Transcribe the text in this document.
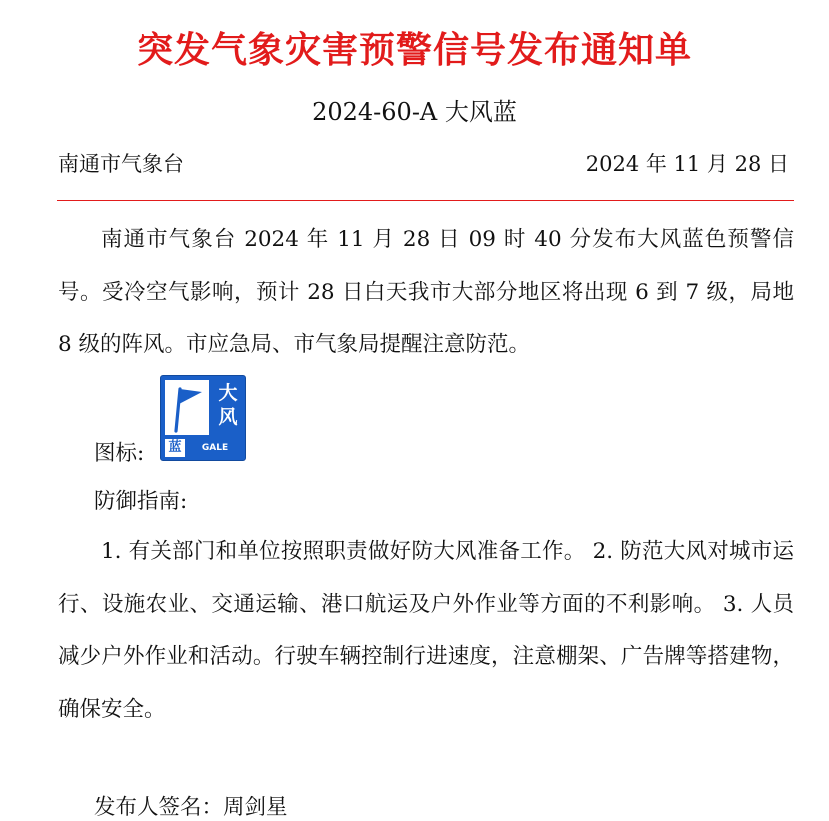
突发气象灾害预警信号发布通知单
2024-60-A 大风蓝
南通市气象台	2024 年 11 月 28 日

南通市气象台 2024 年 11 月 28 日 09 时 40 分发布大风蓝色预警信号。受冷空气影响，预计 28 日白天我市大部分地区将出现 6 到 7 级，局地 8 级的阵风。市应急局、市气象局提醒注意防范。

图标:
大
风
蓝	GALE
防御指南:

1. 有关部门和单位按照职责做好防大风准备工作。 2. 防范大风对城市运行、设施农业、交通运输、港口航运及户外作业等方面的不利影响。 3. 人员减少户外作业和活动。行驶车辆控制行进速度，注意棚架、广告牌等搭建物，确保安全。

发布人签名：周剑星
